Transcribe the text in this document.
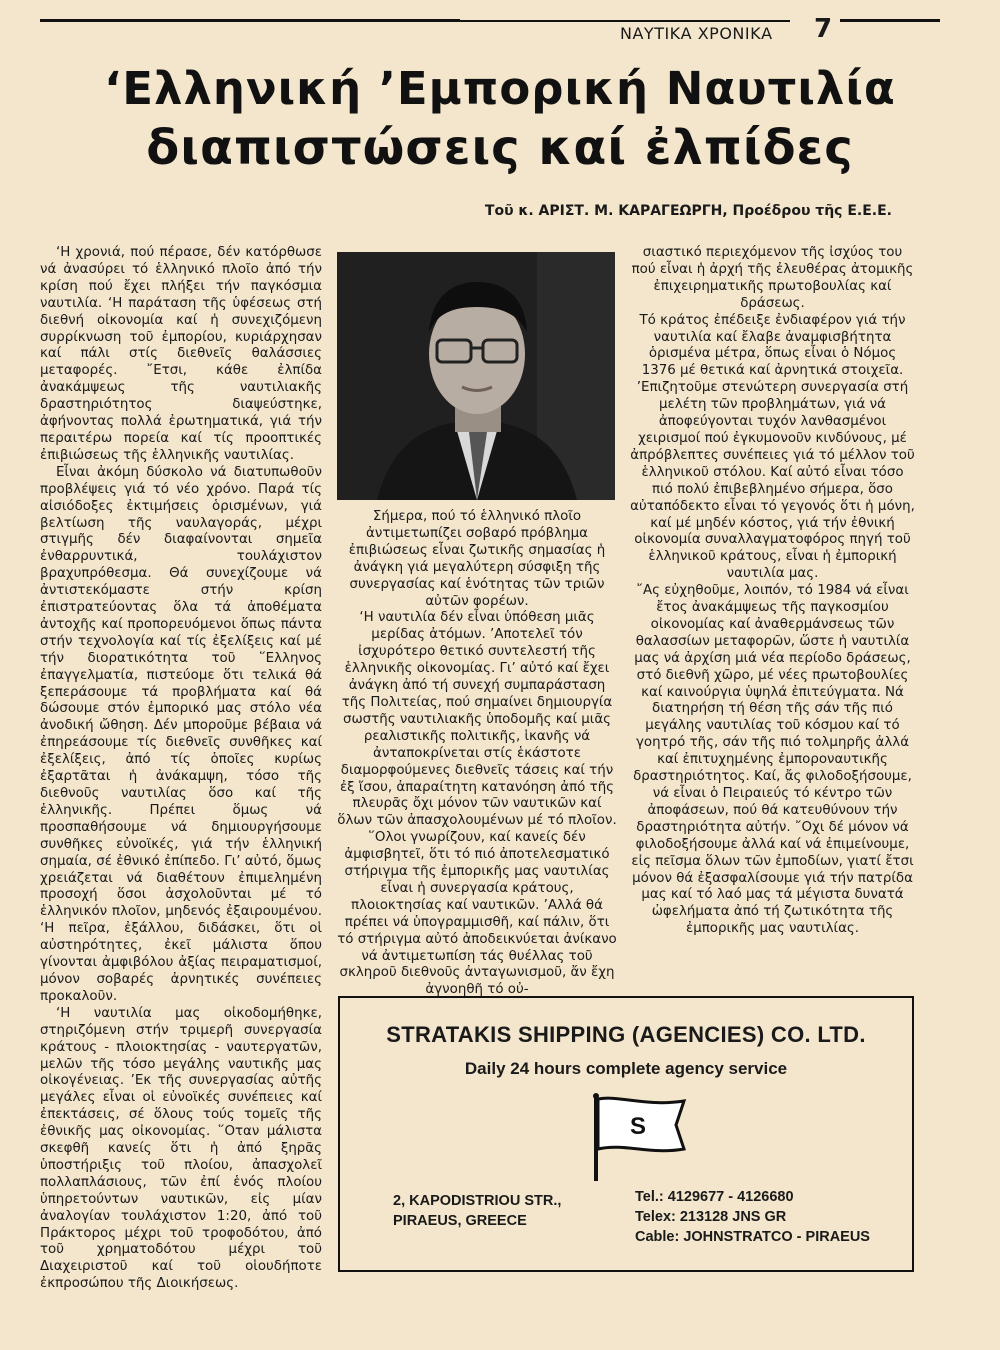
ΝΑΥΤΙΚΑ ΧΡΟΝΙΚΑ 7
‘Ελληνική ’Εμπορική Ναυτιλία
διαπιστώσεις καί ἐλπίδες
Τοῦ κ. ΑΡΙΣΤ. Μ. ΚΑΡΑΓΕΩΡΓΗ, Προέδρου τῆς Ε.Ε.Ε.

‘Η χρονιά, πού πέρασε, δέν κατόρθωσε νά ἀνασύρει τό ἑλληνικό πλοῖο ἀπό τήν κρίση πού ἔχει πλήξει τήν παγκόσμια ναυτιλία. ‘Η παράταση τῆς ὑφέσεως στή διεθνή οἰκονομία καί ἡ συνεχιζόμενη συρρίκνωση τοῦ ἐμπορίου, κυριάρχησαν καί πάλι στίς διεθνεῖς θαλάσσιες μεταφορές. ῎Ετσι, κάθε ἐλπίδα ἀνακάμψεως τῆς ναυτιλιακῆς δραστηριότητος διαψεύστηκε, ἀφήνοντας πολλά ἐρωτηματικά, γιά τήν περαιτέρω πορεία καί τίς προοπτικές ἐπιβιώσεως τῆς ἑλληνικῆς ναυτιλίας.

Εἶναι ἀκόμη δύσκολο νά διατυπωθοῦν προβλέψεις γιά τό νέο χρόνο. Παρά τίς αἰσιόδοξες ἐκτιμήσεις ὁρισμένων, γιά βελτίωση τῆς ναυλαγοράς, μέχρι στιγμῆς δέν διαφαίνονται σημεῖα ἐνθαρρυντικά, τουλάχιστον βραχυπρόθεσμα. Θά συνεχίζουμε νά ἀντιστεκόμαστε στήν κρίση ἐπιστρατεύοντας ὅλα τά ἀποθέματα ἀντοχῆς καί προπορευόμενοι ὅπως πάντα στήν τεχνολογία καί τίς ἐξελίξεις καί μέ τήν διορατικότητα τοῦ ῞Ελληνος ἐπαγγελματία, πιστεύομε ὅτι τελικά θά ξεπεράσουμε τά προβλήματα καί θά δώσουμε στόν ἐμπορικό μας στόλο νέα ἀνοδική ὤθηση. Δέν μποροῦμε βέβαια νά ἐπηρεάσουμε τίς διεθνεῖς συνθῆκες καί ἐξελίξεις, ἀπό τίς ὁποῖες κυρίως ἐξαρτᾶται ἡ ἀνάκαμψη, τόσο τῆς διεθνοῦς ναυτιλίας ὅσο καί τῆς ἑλληνικῆς. Πρέπει ὅμως νά προσπαθήσουμε νά δημιουργήσουμε συνθῆκες εὐνοϊκές, γιά τήν ἑλληνική σημαία, σέ ἐθνικό ἐπίπεδο. Γι’ αὐτό, ὅμως χρειάζεται νά διαθέτουν ἐπιμελημένη προσοχή ὅσοι ἀσχολοῦνται μέ τό ἑλληνικόν πλοῖον, μηδενός ἐξαιρουμένου. ‘Η πεῖρα, ἐξάλλου, διδάσκει, ὅτι οἱ αὐστηρότητες, ἐκεῖ μάλιστα ὅπου γίνονται ἀμφιβόλου ἀξίας πειραματισμοί, μόνον σοβαρές ἀρνητικές συνέπειες προκαλοῦν.

‘Η ναυτιλία μας οἰκοδομήθηκε, στηριζόμενη στήν τριμερῆ συνεργασία κράτους - πλοιοκτησίας - ναυτεργατῶν, μελῶν τῆς τόσο μεγάλης ναυτικῆς μας οἰκογένειας. ’Εκ τῆς συνεργασίας αὐτῆς μεγάλες εἶναι οἱ εὐνοϊκές συνέπειες καί ἐπεκτάσεις, σέ ὅλους τούς τομεῖς τῆς ἐθνικῆς μας οἰκονομίας. ῞Οταν μάλιστα σκεφθῆ κανείς ὅτι ἡ ἀπό ξηρᾶς ὑποστήριξις τοῦ πλοίου, ἀπασχολεῖ πολλαπλάσιους, τῶν ἐπί ἑνός πλοίου ὑπηρετούντων ναυτικῶν, εἰς μίαν ἀναλογίαν τουλάχιστον 1:20, ἀπό τοῦ Πράκτορος μέχρι τοῦ τροφοδότου, ἀπό τοῦ χρηματοδότου μέχρι τοῦ Διαχειριστοῦ καί τοῦ οἱουδήποτε ἐκπροσώπου τῆς Διοικήσεως.

Σήμερα, πού τό ἑλληνικό πλοῖο ἀντιμετωπίζει σοβαρό πρόβλημα ἐπιβιώσεως εἶναι ζωτικῆς σημασίας ἡ ἀνάγκη γιά μεγαλύτερη σύσφιξη τῆς συνεργασίας καί ἑνότητας τῶν τριῶν αὐτῶν φορέων.

‘Η ναυτιλία δέν εἶναι ὑπόθεση μιᾶς μερίδας ἀτόμων. ’Αποτελεῖ τόν ἰσχυρότερο θετικό συντελεστή τῆς ἑλληνικῆς οἰκονομίας. Γι’ αὐτό καί ἔχει ἀνάγκη ἀπό τή συνεχή συμπαράσταση τῆς Πολιτείας, πού σημαίνει δημιουργία σωστῆς ναυτιλιακῆς ὑποδομῆς καί μιᾶς ρεαλιστικῆς πολιτικῆς, ἱκανῆς νά ἀνταποκρίνεται στίς ἑκάστοτε διαμορφούμενες διεθνεῖς τάσεις καί τήν ἐξ ἴσου, ἀπαραίτητη κατανόηση ἀπό τῆς πλευρᾶς ὄχι μόνον τῶν ναυτικῶν καί ὅλων τῶν ἀπασχολουμένων μέ τό πλοῖον. ῞Ολοι γνωρίζουν, καί κανείς δέν ἀμφισβητεῖ, ὅτι τό πιό ἀποτελεσματικό στήριγμα τῆς ἐμπορικῆς μας ναυτιλίας εἶναι ἡ συνεργασία κράτους, πλοιοκτησίας καί ναυτικῶν. ’Αλλά θά πρέπει νά ὑπογραμμισθῆ, καί πάλιν, ὅτι τό στήριγμα αὐτό ἀποδεικνύεται ἀνίκανο νά ἀντιμετωπίση τάς θυέλλας τοῦ σκληροῦ διεθνοῦς ἀνταγωνισμοῦ, ἄν ἔχη ἀγνοηθῆ τό οὐ-

σιαστικό περιεχόμενον τῆς ἰσχύος του πού εἶναι ἡ ἀρχή τῆς ἐλευθέρας ἀτομικῆς ἐπιχειρηματικῆς πρωτοβουλίας καί δράσεως.

Τό κράτος ἐπέδειξε ἐνδιαφέρον γιά τήν ναυτιλία καί ἔλαβε ἀναμφισβήτητα ὁρισμένα μέτρα, ὅπως εἶναι ὁ Νόμος 1376 μέ θετικά καί ἀρνητικά στοιχεῖα. ’Επιζητοῦμε στενώτερη συνεργασία στή μελέτη τῶν προβλημάτων, γιά νά ἀποφεύγονται τυχόν λανθασμένοι χειρισμοί πού ἐγκυμονοῦν κινδύνους, μέ ἀπρόβλεπτες συνέπειες γιά τό μέλλον τοῦ ἑλληνικοῦ στόλου. Καί αὐτό εἶναι τόσο πιό πολύ ἐπιβεβλημένο σήμερα, ὅσο αὐταπόδεκτο εἶναι τό γεγονός ὅτι ἡ μόνη, καί μέ μηδέν κόστος, γιά τήν ἐθνική οἰκονομία συναλλαγματοφόρος πηγή τοῦ ἑλληνικοῦ κράτους, εἶναι ἡ ἐμπορική ναυτιλία μας.

῎Ας εὐχηθοῦμε, λοιπόν, τό 1984 νά εἶναι ἔτος ἀνακάμψεως τῆς παγκοσμίου οἰκονομίας καί ἀναθερμάνσεως τῶν θαλασσίων μεταφορῶν, ὥστε ἡ ναυτιλία μας νά ἀρχίση μιά νέα περίοδο δράσεως, στό διεθνῆ χῶρο, μέ νέες πρωτοβουλίες καί καινούργια ὑψηλά ἐπιτεύγματα. Νά διατηρήση τή θέση τῆς σάν τῆς πιό μεγάλης ναυτιλίας τοῦ κόσμου καί τό γοητρό τῆς, σάν τῆς πιό τολμηρῆς ἀλλά καί ἐπιτυχημένης ἐμποροναυτικῆς δραστηριότητος. Καί, ἄς φιλοδοξήσουμε, νά εἶναι ὁ Πειραιεύς τό κέντρο τῶν ἀποφάσεων, πού θά κατευθύνουν τήν δραστηριότητα αὐτήν. ῎Οχι δέ μόνον νά φιλοδοξήσουμε ἀλλά καί νά ἐπιμείνουμε, εἰς πεῖσμα ὅλων τῶν ἐμποδίων, γιατί ἔτσι μόνον θά ἐξασφαλίσουμε γιά τήν πατρίδα μας καί τό λαό μας τά μέγιστα δυνατά ὠφελήματα ἀπό τή ζωτικότητα τῆς ἐμπορικῆς μας ναυτιλίας.

STRATAKIS SHIPPING (AGENCIES) CO. LTD.
Daily 24 hours complete agency service
S
2, KAPODISTRIOU STR.,
PIRAEUS, GREECE
Tel.: 4129677 - 4126680
Telex: 213128 JNS GR
Cable: JOHNSTRATCO - PIRAEUS
